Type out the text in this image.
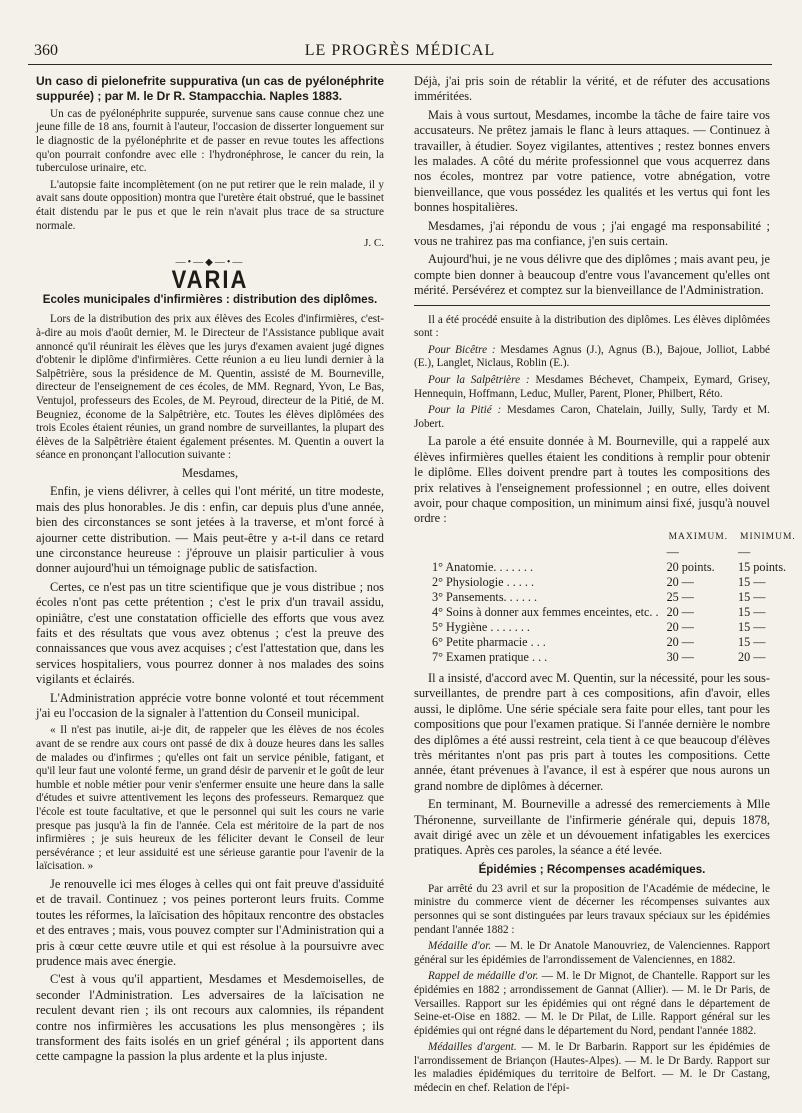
360	LE PROGRÈS MÉDICAL

Un caso di pielonefrite suppurativa (un cas de pyélonéphrite suppurée) ; par M. le Dr R. Stampacchia. Naples 1883.

Un cas de pyélonéphrite suppurée, survenue sans cause connue chez une jeune fille de 18 ans, fournit à l'auteur, l'occasion de disserter longuement sur le diagnostic de la pyélonéphrite et de passer en revue toutes les affections qu'on pourrait confondre avec elle : l'hydronéphrose, le cancer du rein, la tuberculose urinaire, etc.

L'autopsie faite incomplètement (on ne put retirer que le rein malade, il y avait sans doute opposition) montra que l'uretère était obstrué, que le bassinet était distendu par le pus et que le rein n'avait plus trace de sa structure normale.

J. C.

—•—◆—•—
VARIA
Ecoles municipales d'infirmières : distribution des diplômes.

Lors de la distribution des prix aux élèves des Ecoles d'infirmières, c'est-à-dire au mois d'août dernier, M. le Directeur de l'Assistance publique avait annoncé qu'il réunirait les élèves que les jurys d'examen avaient jugé dignes d'obtenir le diplôme d'infirmières. Cette réunion a eu lieu lundi dernier à la Salpêtrière, sous la présidence de M. Quentin, assisté de M. Bourneville, directeur de l'enseignement de ces écoles, de MM. Regnard, Yvon, Le Bas, Ventujol, professeurs des Ecoles, de M. Peyroud, directeur de la Pitié, de M. Beugniez, économe de la Salpêtrière, etc. Toutes les élèves diplômées des trois Ecoles étaient réunies, un grand nombre de surveillantes, la plupart des élèves de la Salpêtrière étaient également présentes. M. Quentin a ouvert la séance en prononçant l'allocution suivante :

Mesdames,

Enfin, je viens délivrer, à celles qui l'ont mérité, un titre modeste, mais des plus honorables. Je dis : enfin, car depuis plus d'une année, bien des circonstances se sont jetées à la traverse, et m'ont forcé à ajourner cette distribution. — Mais peut-être y a-t-il dans ce retard une circonstance heureuse : j'éprouve un plaisir particulier à vous donner aujourd'hui un témoignage public de satisfaction.

Certes, ce n'est pas un titre scientifique que je vous distribue ; nos écoles n'ont pas cette prétention ; c'est le prix d'un travail assidu, opiniâtre, c'est une constatation officielle des efforts que vous avez faits et des résultats que vous avez obtenus ; c'est la preuve des connaissances que vous avez acquises ; c'est l'attestation que, dans les services hospitaliers, vous pourrez donner à nos malades des soins vigilants et éclairés.

L'Administration apprécie votre bonne volonté et tout récemment j'ai eu l'occasion de la signaler à l'attention du Conseil municipal.

« Il n'est pas inutile, ai-je dit, de rappeler que les élèves de nos écoles avant de se rendre aux cours ont passé de dix à douze heures dans les salles de malades ou d'infirmes ; qu'elles ont fait un service pénible, fatigant, et qu'il leur faut une volonté ferme, un grand désir de parvenir et le goût de leur humble et noble métier pour venir s'enfermer ensuite une heure dans la salle d'études et suivre attentivement les leçons des professeurs. Remarquez que l'école est toute facultative, et que le personnel qui suit les cours ne varie presque pas jusqu'à la fin de l'année. Cela est méritoire de la part de nos infirmières ; je suis heureux de les féliciter devant le Conseil de leur persévérance ; et leur assiduité est une sérieuse garantie pour l'avenir de la laïcisation. »

Je renouvelle ici mes éloges à celles qui ont fait preuve d'assiduité et de travail. Continuez ; vos peines porteront leurs fruits. Comme toutes les réformes, la laïcisation des hôpitaux rencontre des obstacles et des entraves ; mais, vous pouvez compter sur l'Administration qui a pris à cœur cette œuvre utile et qui est résolue à la poursuivre avec prudence mais avec énergie.

C'est à vous qu'il appartient, Mesdames et Mesdemoiselles, de seconder l'Administration. Les adversaires de la laïcisation ne reculent devant rien ; ils ont recours aux calomnies, ils répandent contre nos infirmières les accusations les plus mensongères ; ils transforment des faits isolés en un grief général ; ils apportent dans cette campagne la passion la plus ardente et la plus injuste.

Déjà, j'ai pris soin de rétablir la vérité, et de réfuter des accusations imméritées.

Mais à vous surtout, Mesdames, incombe la tâche de faire taire vos accusateurs. Ne prêtez jamais le flanc à leurs attaques. — Continuez à travailler, à étudier. Soyez vigilantes, attentives ; restez bonnes envers les malades. A côté du mérite professionnel que vous acquerrez dans nos écoles, montrez par votre patience, votre abnégation, votre bienveillance, que vous possédez les qualités et les vertus qui font les bonnes hospitalières.

Mesdames, j'ai répondu de vous ; j'ai engagé ma responsabilité ; vous ne trahirez pas ma confiance, j'en suis certain.

Aujourd'hui, je ne vous délivre que des diplômes ; mais avant peu, je compte bien donner à beaucoup d'entre vous l'avancement qu'elles ont mérité. Persévérez et comptez sur la bienveillance de l'Administration.

Il a été procédé ensuite à la distribution des diplômes. Les élèves diplômées sont :

Pour Bicêtre : Mesdames Agnus (J.), Agnus (B.), Bajoue, Jolliot, Labbé (E.), Langlet, Niclaus, Roblin (E.).

Pour la Salpêtrière : Mesdames Béchevet, Champeix, Eymard, Grisey, Hennequin, Hoffmann, Leduc, Muller, Parent, Ploner, Philbert, Réto.

Pour la Pitié : Mesdames Caron, Chatelain, Juilly, Sully, Tardy et M. Jobert.

La parole a été ensuite donnée à M. Bourneville, qui a rappelé aux élèves infirmières quelles étaient les conditions à remplir pour obtenir le diplôme. Elles doivent prendre part à toutes les compositions des prix relatives à l'enseignement professionnel ; en outre, elles doivent avoir, pour chaque composition, un minimum ainsi fixé, jusqu'à nouvel ordre :

	MAXIMUM.	MINIMUM.
	—	—
1° Anatomie. . . . . . .	20 points.	15 points.
2° Physiologie . . . . .	20 —	15 —
3° Pansements. . . . . .	25 —	15 —
4° Soins à donner aux femmes enceintes, etc. .	20 —	15 —
5° Hygiène . . . . . . .	20 —	15 —
6° Petite pharmacie . . .	20 —	15 —
7° Examen pratique . . .	30 —	20 —

Il a insisté, d'accord avec M. Quentin, sur la nécessité, pour les sous-surveillantes, de prendre part à ces compositions, afin d'avoir, elles aussi, le diplôme. Une série spéciale sera faite pour elles, tant pour les compositions que pour l'examen pratique. Si l'année dernière le nombre des diplômes a été aussi restreint, cela tient à ce que beaucoup d'élèves très méritantes n'ont pas pris part à toutes les compositions. Cette année, étant prévenues à l'avance, il est à espérer que nous aurons un grand nombre de diplômes à décerner.

En terminant, M. Bourneville a adressé des remerciements à Mlle Théronenne, surveillante de l'infirmerie générale qui, depuis 1878, avait dirigé avec un zèle et un dévouement infatigables les exercices pratiques. Après ces paroles, la séance a été levée.

Épidémies ; Récompenses académiques.

Par arrêté du 23 avril et sur la proposition de l'Académie de médecine, le ministre du commerce vient de décerner les récompenses suivantes aux personnes qui se sont distinguées par leurs travaux spéciaux sur les épidémies pendant l'année 1882 :

Médaille d'or. — M. le Dr Anatole Manouvriez, de Valenciennes. Rapport général sur les épidémies de l'arrondissement de Valenciennes, en 1882.

Rappel de médaille d'or. — M. le Dr Mignot, de Chantelle. Rapport sur les épidémies en 1882 ; arrondissement de Gannat (Allier). — M. le Dr Paris, de Versailles. Rapport sur les épidémies qui ont régné dans le département de Seine-et-Oise en 1882. — M. le Dr Pilat, de Lille. Rapport général sur les épidémies qui ont régné dans le département du Nord, pendant l'année 1882.

Médailles d'argent. — M. le Dr Barbarin. Rapport sur les épidémies de l'arrondissement de Briançon (Hautes-Alpes). — M. le Dr Bardy. Rapport sur les maladies épidémiques du territoire de Belfort. — M. le Dr Castang, médecin en chef. Relation de l'épi-
